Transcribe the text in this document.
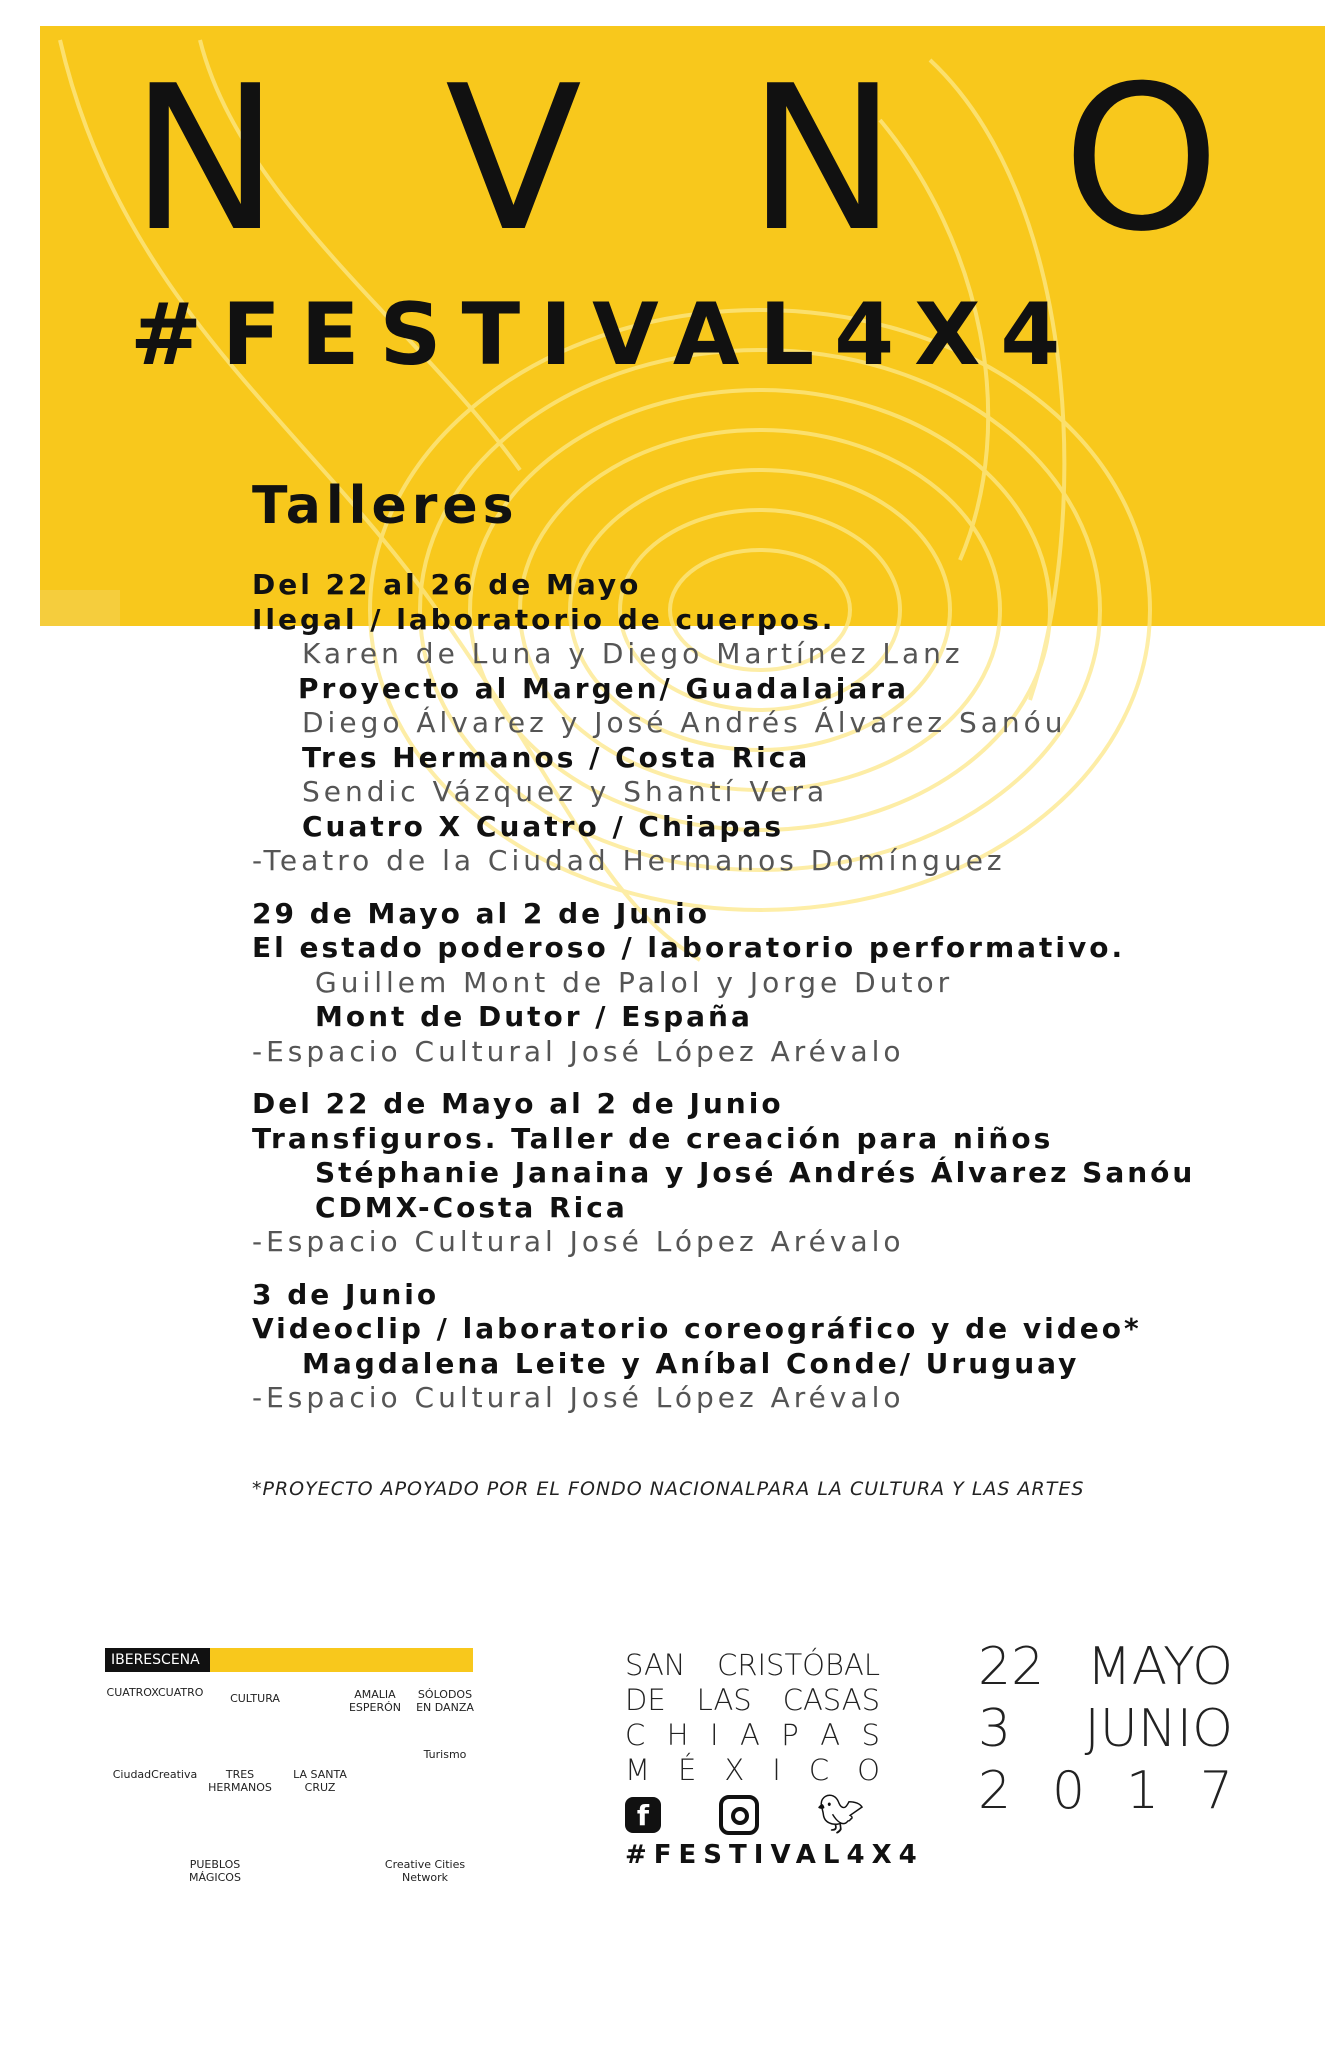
N V N O
#FESTIVAL4X4
Talleres
Del 22 al 26 de Mayo
Ilegal / laboratorio de cuerpos.
Karen de Luna y Diego Martínez Lanz
Proyecto al Margen/ Guadalajara
Diego Álvarez y José Andrés Álvarez Sanóu
Tres Hermanos / Costa Rica
Sendic Vázquez y Shantí Vera
Cuatro X Cuatro / Chiapas
-Teatro de la Ciudad Hermanos Domínguez
29 de Mayo al 2 de Junio
El estado poderoso / laboratorio performativo.
Guillem Mont de Palol y Jorge Dutor
Mont de Dutor / España
-Espacio Cultural José López Arévalo
Del 22 de Mayo al 2 de Junio
Transfiguros. Taller de creación para niños
Stéphanie Janaina y José Andrés Álvarez Sanóu
CDMX-Costa Rica
-Espacio Cultural José López Arévalo
3 de Junio
Videoclip / laboratorio coreográfico y de video*
Magdalena Leite y Aníbal Conde/ Uruguay
-Espacio Cultural José López Arévalo
*PROYECTO APOYADO POR EL FONDO NACIONALPARA LA CULTURA Y LAS ARTES
IBERESCENA
CUATROXCUATRO	CULTURA	AMALIA ESPERÓN
SÓLODOS EN DANZA
CiudadCreativa	TRES HERMANOS
LA SANTA CRUZ
Turismo
PUEBLOS MÁGICOS
Creative Cities Network
SAN CRISTÓBAL
DE LAS CASAS
C H I A P A S
M É X I C O
f	🐦︎
#FESTIVAL4X4
22 MAYO
3 JUNIO
2 0 1 7
